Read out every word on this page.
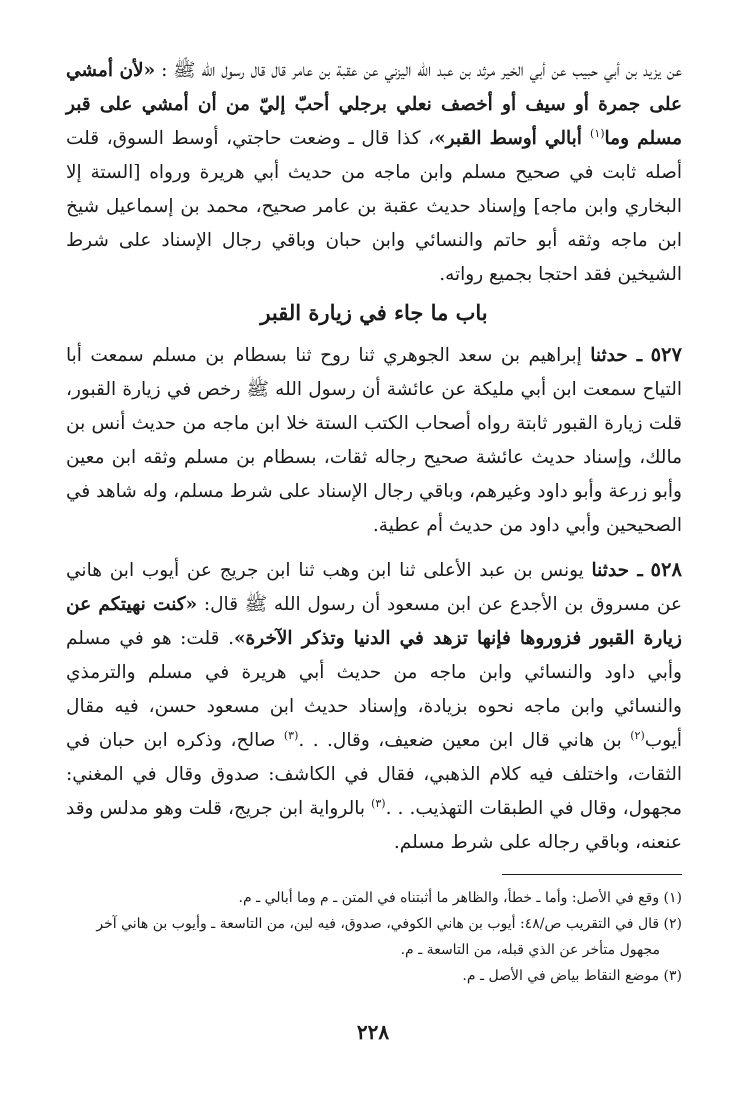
عن يزيد بن أبي حبيب عن أبي الخير مرثد بن عبد الله اليزني عن عقبة بن عامر قال قال رسول الله ﷺ : «لأن أمشي على جمرة أو سيف أو أخصف نعلي برجلي أحبّ إليّ من أن أمشي على قبر مسلم وما$^{(١)}$ أبالي أوسط القبر»، كذا قال ـ وضعت حاجتي، أوسط السوق، قلت أصله ثابت في صحيح مسلم وابن ماجه من حديث أبي هريرة ورواه [الستة إلا البخاري وابن ماجه] وإسناد حديث عقبة بن عامر صحيح، محمد بن إسماعيل شيخ ابن ماجه وثقه أبو حاتم والنسائي وابن حبان وباقي رجال الإسناد على شرط الشيخين فقد احتجا بجميع رواته.

باب ما جاء في زيارة القبر

٥٢٧ ـ حدثنا إبراهيم بن سعد الجوهري ثنا روح ثنا بسطام بن مسلم سمعت أبا التياح سمعت ابن أبي مليكة عن عائشة أن رسول الله ﷺ رخص في زيارة القبور، قلت زيارة القبور ثابتة رواه أصحاب الكتب الستة خلا ابن ماجه من حديث أنس بن مالك، وإسناد حديث عائشة صحيح رجاله ثقات، بسطام بن مسلم وثقه ابن معين وأبو زرعة وأبو داود وغيرهم، وباقي رجال الإسناد على شرط مسلم، وله شاهد في الصحيحين وأبي داود من حديث أم عطية.

٥٢٨ ـ حدثنا يونس بن عبد الأعلى ثنا ابن وهب ثنا ابن جريج عن أيوب ابن هاني عن مسروق بن الأجدع عن ابن مسعود أن رسول الله ﷺ قال: «كنت نهيتكم عن زيارة القبور فزوروها فإنها تزهد في الدنيا وتذكر الآخرة». قلت: هو في مسلم وأبي داود والنسائي وابن ماجه من حديث أبي هريرة في مسلم والترمذي والنسائي وابن ماجه نحوه بزيادة، وإسناد حديث ابن مسعود حسن، فيه مقال أيوب$^{(٢)}$ بن هاني قال ابن معين ضعيف، وقال. . .$^{(٣)}$ صالح، وذكره ابن حبان في الثقات، واختلف فيه كلام الذهبي، فقال في الكاشف: صدوق وقال في المغني: مجهول، وقال في الطبقات التهذيب. . .$^{(٣)}$ بالرواية ابن جريج، قلت وهو مدلس وقد عنعنه، وباقي رجاله على شرط مسلم.

(١) وقع في الأصل: وأما ـ خطأ، والظاهر ما أثبتناه في المتن ـ م وما أبالي ـ م.

(٢) قال في التقريب ص/٤٨: أيوب بن هاني الكوفي، صدوق، فيه لين، من التاسعة ـ وأيوب بن هاني آخر

مجهول متأخر عن الذي قبله، من التاسعة ـ م.

(٣) موضع النقاط بياض في الأصل ـ م.

٢٢٨
